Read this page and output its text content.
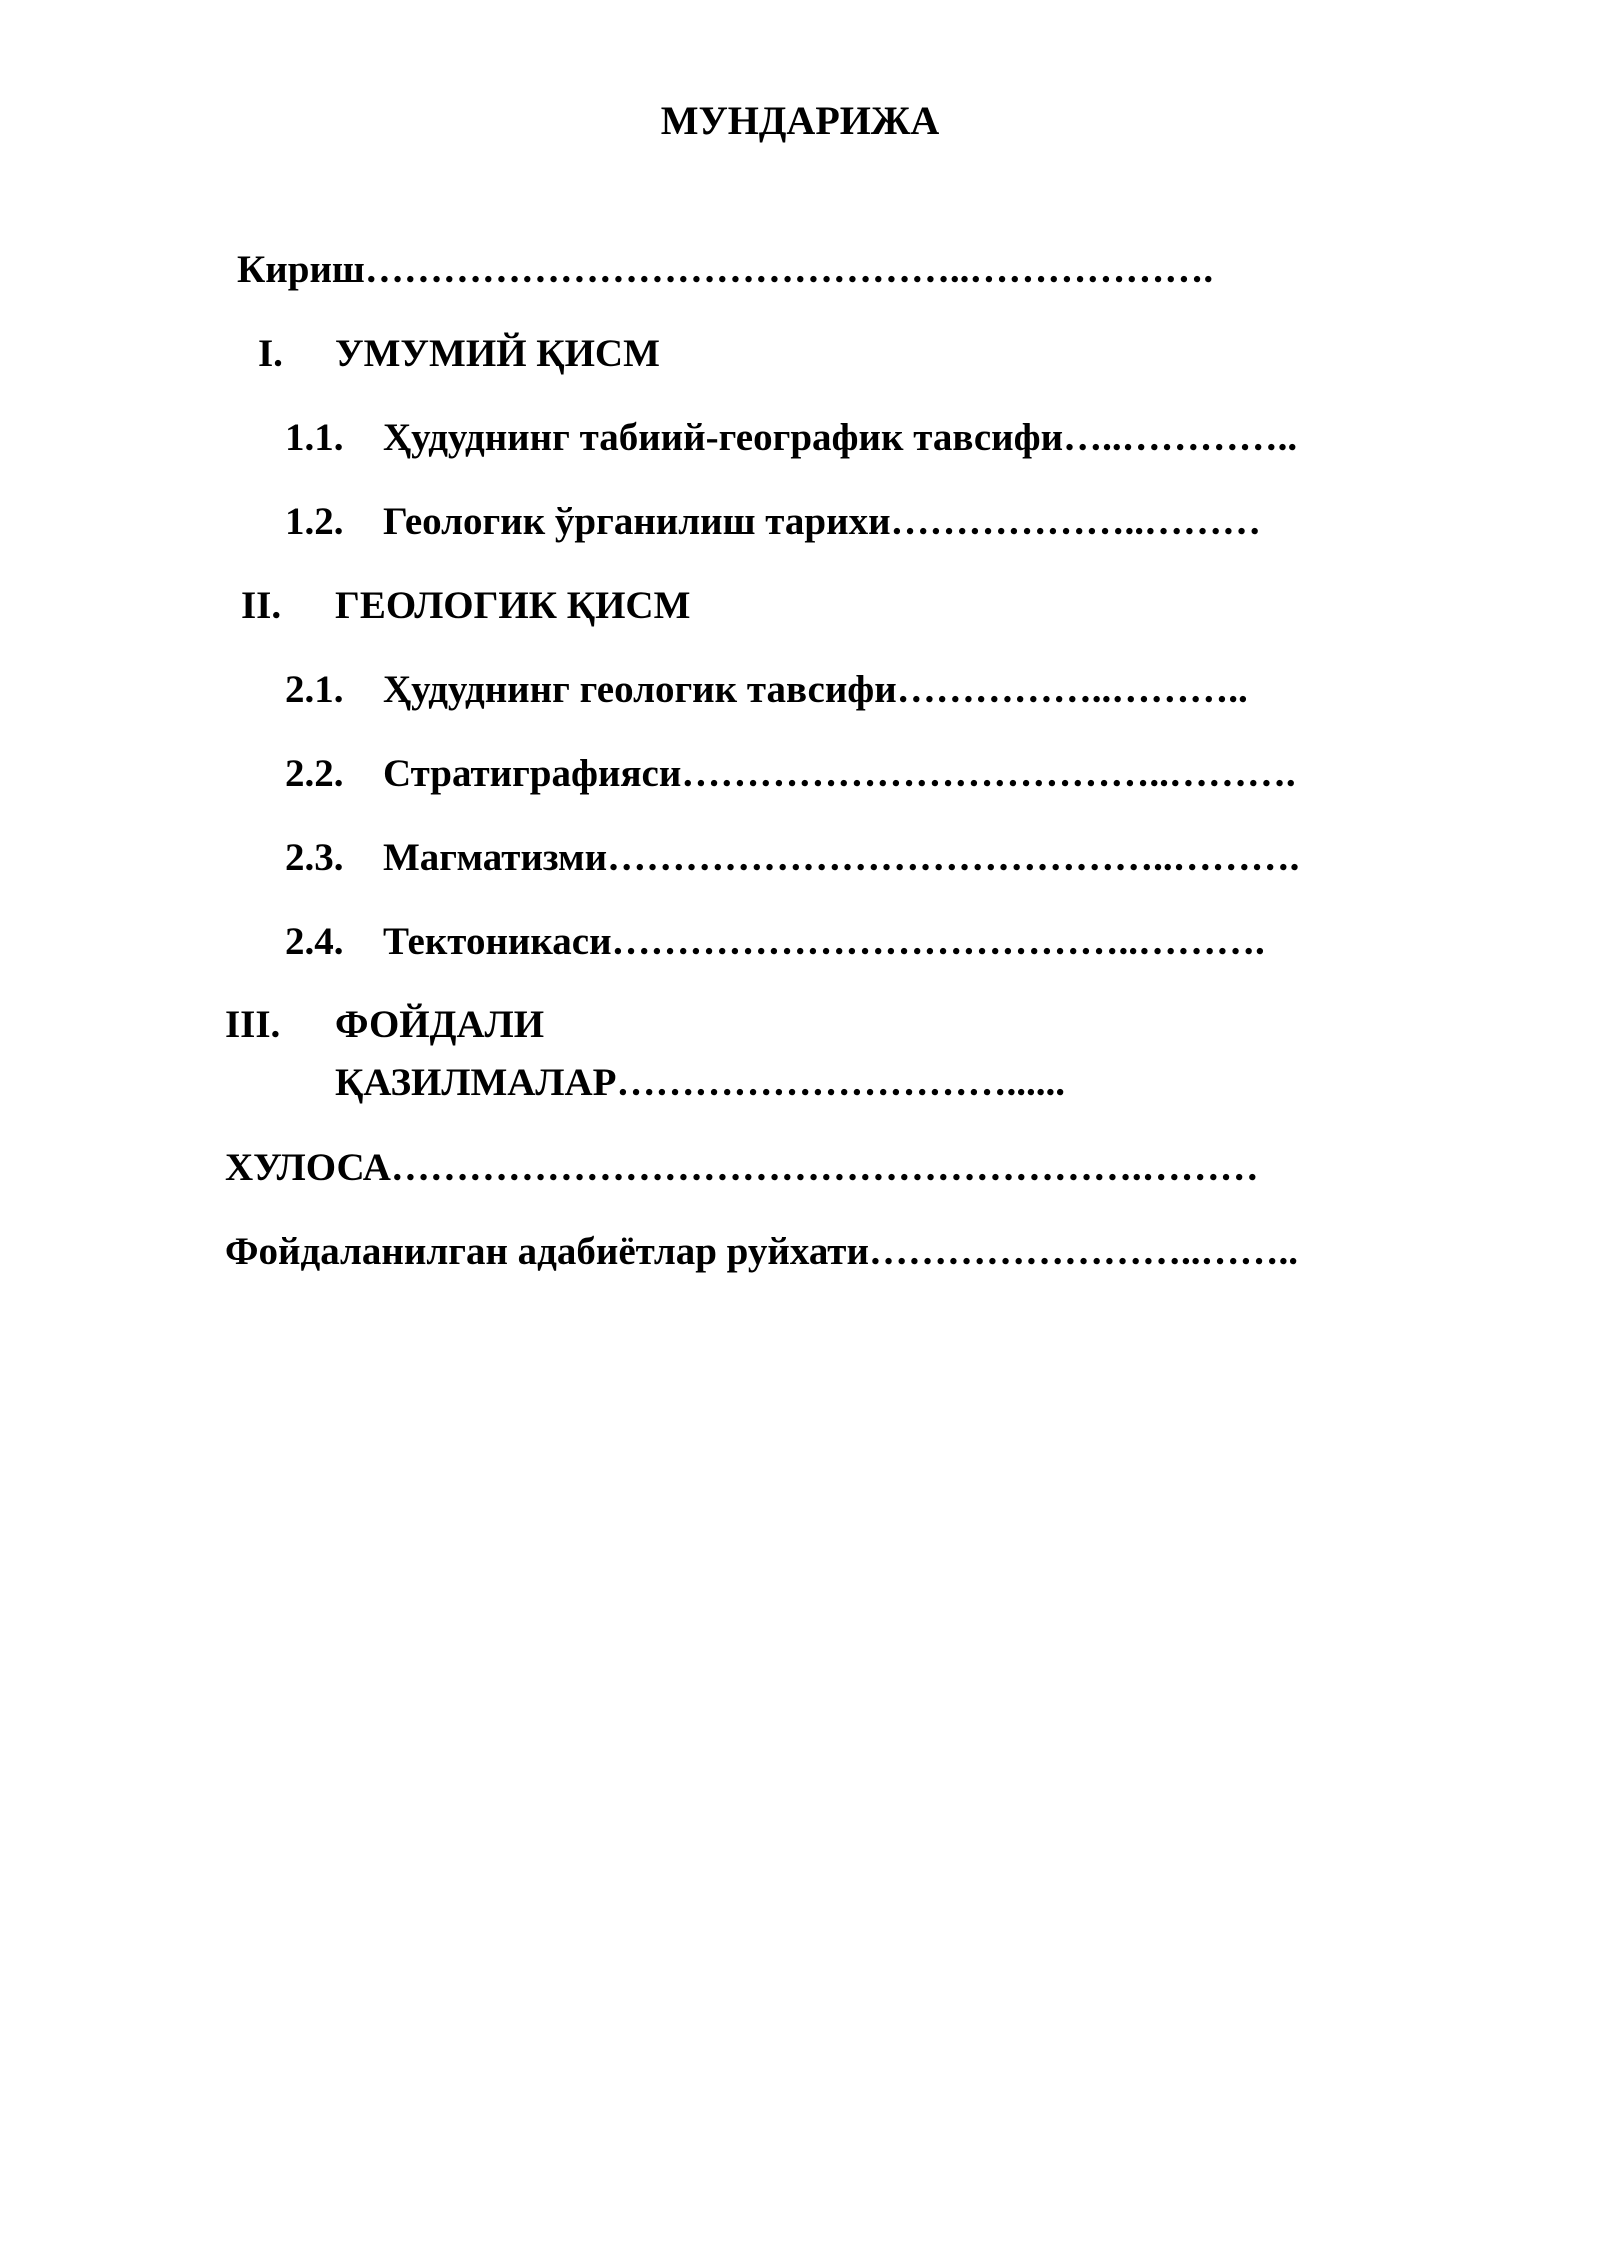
МУНДАРИЖА
Кириш………………………………………..……………….
I. УМУМИЙ ҚИСМ
1.1. Ҳудуднинг табиий-географик тавсифи…..…………..
1.2. Геологик ўрганилиш тарихи………………..………
II. ГЕОЛОГИК ҚИСМ
2.1. Ҳудуднинг геологик тавсифи……………..………..
2.2. Стратиграфияси………………………………..……….
2.3. Магматизми……………………………………..……….
2.4. Тектоникаси…………………………………..……….
III. ФОЙДАЛИ
ҚАЗИЛМАЛАР…………………………......
ХУЛОСА………………………………………………….………
Фойдаланилган адабиётлар руйхати……………………..……..
